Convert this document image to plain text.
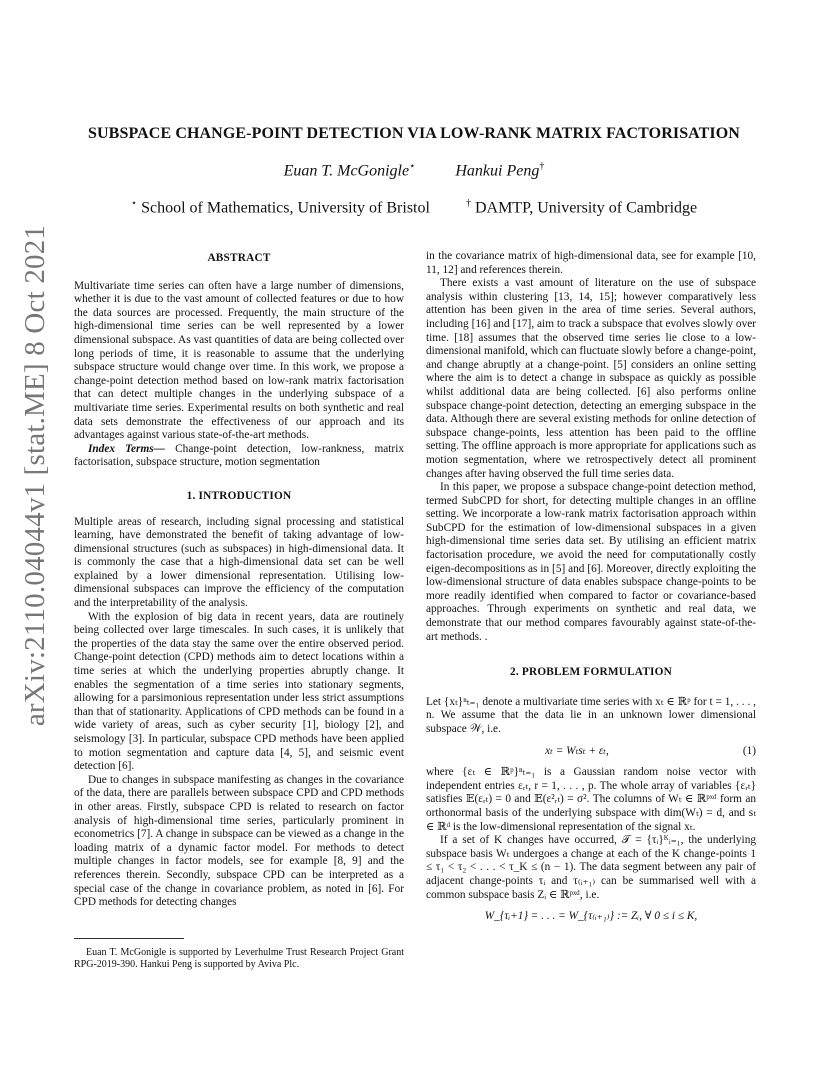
arXiv:2110.04044v1 [stat.ME] 8 Oct 2021
SUBSPACE CHANGE-POINT DETECTION VIA LOW-RANK MATRIX FACTORISATION
Euan T. McGonigle⋆	Hankui Peng†
⋆ School of Mathematics, University of Bristol	† DAMTP, University of Cambridge
ABSTRACT

Multivariate time series can often have a large number of dimensions, whether it is due to the vast amount of collected features or due to how the data sources are processed. Frequently, the main structure of the high-dimensional time series can be well represented by a lower dimensional subspace. As vast quantities of data are being collected over long periods of time, it is reasonable to assume that the underlying subspace structure would change over time. In this work, we propose a change-point detection method based on low-rank matrix factorisation that can detect multiple changes in the underlying subspace of a multivariate time series. Experimental results on both synthetic and real data sets demonstrate the effectiveness of our approach and its advantages against various state-of-the-art methods.

Index Terms— Change-point detection, low-rankness, matrix factorisation, subspace structure, motion segmentation

1. INTRODUCTION

Multiple areas of research, including signal processing and statistical learning, have demonstrated the benefit of taking advantage of low-dimensional structures (such as subspaces) in high-dimensional data. It is commonly the case that a high-dimensional data set can be well explained by a lower dimensional representation. Utilising low-dimensional subspaces can improve the efficiency of the computation and the interpretability of the analysis.

With the explosion of big data in recent years, data are routinely being collected over large timescales. In such cases, it is unlikely that the properties of the data stay the same over the entire observed period. Change-point detection (CPD) methods aim to detect locations within a time series at which the underlying properties abruptly change. It enables the segmentation of a time series into stationary segments, allowing for a parsimonious representation under less strict assumptions than that of stationarity. Applications of CPD methods can be found in a wide variety of areas, such as cyber security [1], biology [2], and seismology [3]. In particular, subspace CPD methods have been applied to motion segmentation and capture data [4, 5], and seismic event detection [6].

Due to changes in subspace manifesting as changes in the covariance of the data, there are parallels between subspace CPD and CPD methods in other areas. Firstly, subspace CPD is related to research on factor analysis of high-dimensional time series, particularly prominent in econometrics [7]. A change in subspace can be viewed as a change in the loading matrix of a dynamic factor model. For methods to detect multiple changes in factor models, see for example [8, 9] and the references therein. Secondly, subspace CPD can be interpreted as a special case of the change in covariance problem, as noted in [6]. For CPD methods for detecting changes

in the covariance matrix of high-dimensional data, see for example [10, 11, 12] and references therein.

There exists a vast amount of literature on the use of subspace analysis within clustering [13, 14, 15]; however comparatively less attention has been given in the area of time series. Several authors, including [16] and [17], aim to track a subspace that evolves slowly over time. [18] assumes that the observed time series lie close to a low-dimensional manifold, which can fluctuate slowly before a change-point, and change abruptly at a change-point. [5] considers an online setting where the aim is to detect a change in subspace as quickly as possible whilst additional data are being collected. [6] also performs online subspace change-point detection, detecting an emerging subspace in the data. Although there are several existing methods for online detection of subspace change-points, less attention has been paid to the offline setting. The offline approach is more appropriate for applications such as motion segmentation, where we retrospectively detect all prominent changes after having observed the full time series data.

In this paper, we propose a subspace change-point detection method, termed SubCPD for short, for detecting multiple changes in an offline setting. We incorporate a low-rank matrix factorisation approach within SubCPD for the estimation of low-dimensional subspaces in a given high-dimensional time series data set. By utilising an efficient matrix factorisation procedure, we avoid the need for computationally costly eigen-decompositions as in [5] and [6]. Moreover, directly exploiting the low-dimensional structure of data enables subspace change-points to be more readily identified when compared to factor or covariance-based approaches. Through experiments on synthetic and real data, we demonstrate that our method compares favourably against state-of-the-art methods. .

2. PROBLEM FORMULATION

Let {xₜ}ⁿₜ₌₁ denote a multivariate time series with xₜ ∈ ℝᵖ for t = 1, . . . , n. We assume that the data lie in an unknown lower dimensional subspace 𝒲, i.e.

xₜ = Wₜsₜ + εₜ,	(1)

where {εₜ ∈ ℝᵖ}ⁿₜ₌₁ is a Gaussian random noise vector with independent entries εᵣₜ, r = 1, . . . , p. The whole array of variables {εᵣₜ} satisfies 𝔼(εᵣₜ) = 0 and 𝔼(ε²ᵣₜ) = σ². The columns of Wₜ ∈ ℝᵖˣᵈ form an orthonormal basis of the underlying subspace with dim(Wₜ) = d, and sₜ ∈ ℝᵈ is the low-dimensional representation of the signal xₜ.

If a set of K changes have occurred, 𝒯 = {τᵢ}ᴷᵢ₌₁, the underlying subspace basis Wₜ undergoes a change at each of the K change-points 1 ≤ τ₁ < τ₂ < . . . < τ_K ≤ (n − 1). The data segment between any pair of adjacent change-points τᵢ and τ₍ᵢ₊₁₎ can be summarised well with a common subspace basis Zᵢ ∈ ℝᵖˣᵈ, i.e.

W_{τᵢ+1} = . . . = W_{τ₍ᵢ₊₁₎} := Zᵢ, ∀ 0 ≤ i ≤ K,

Euan T. McGonigle is supported by Leverhulme Trust Research Project Grant RPG-2019-390. Hankui Peng is supported by Aviva Plc.
